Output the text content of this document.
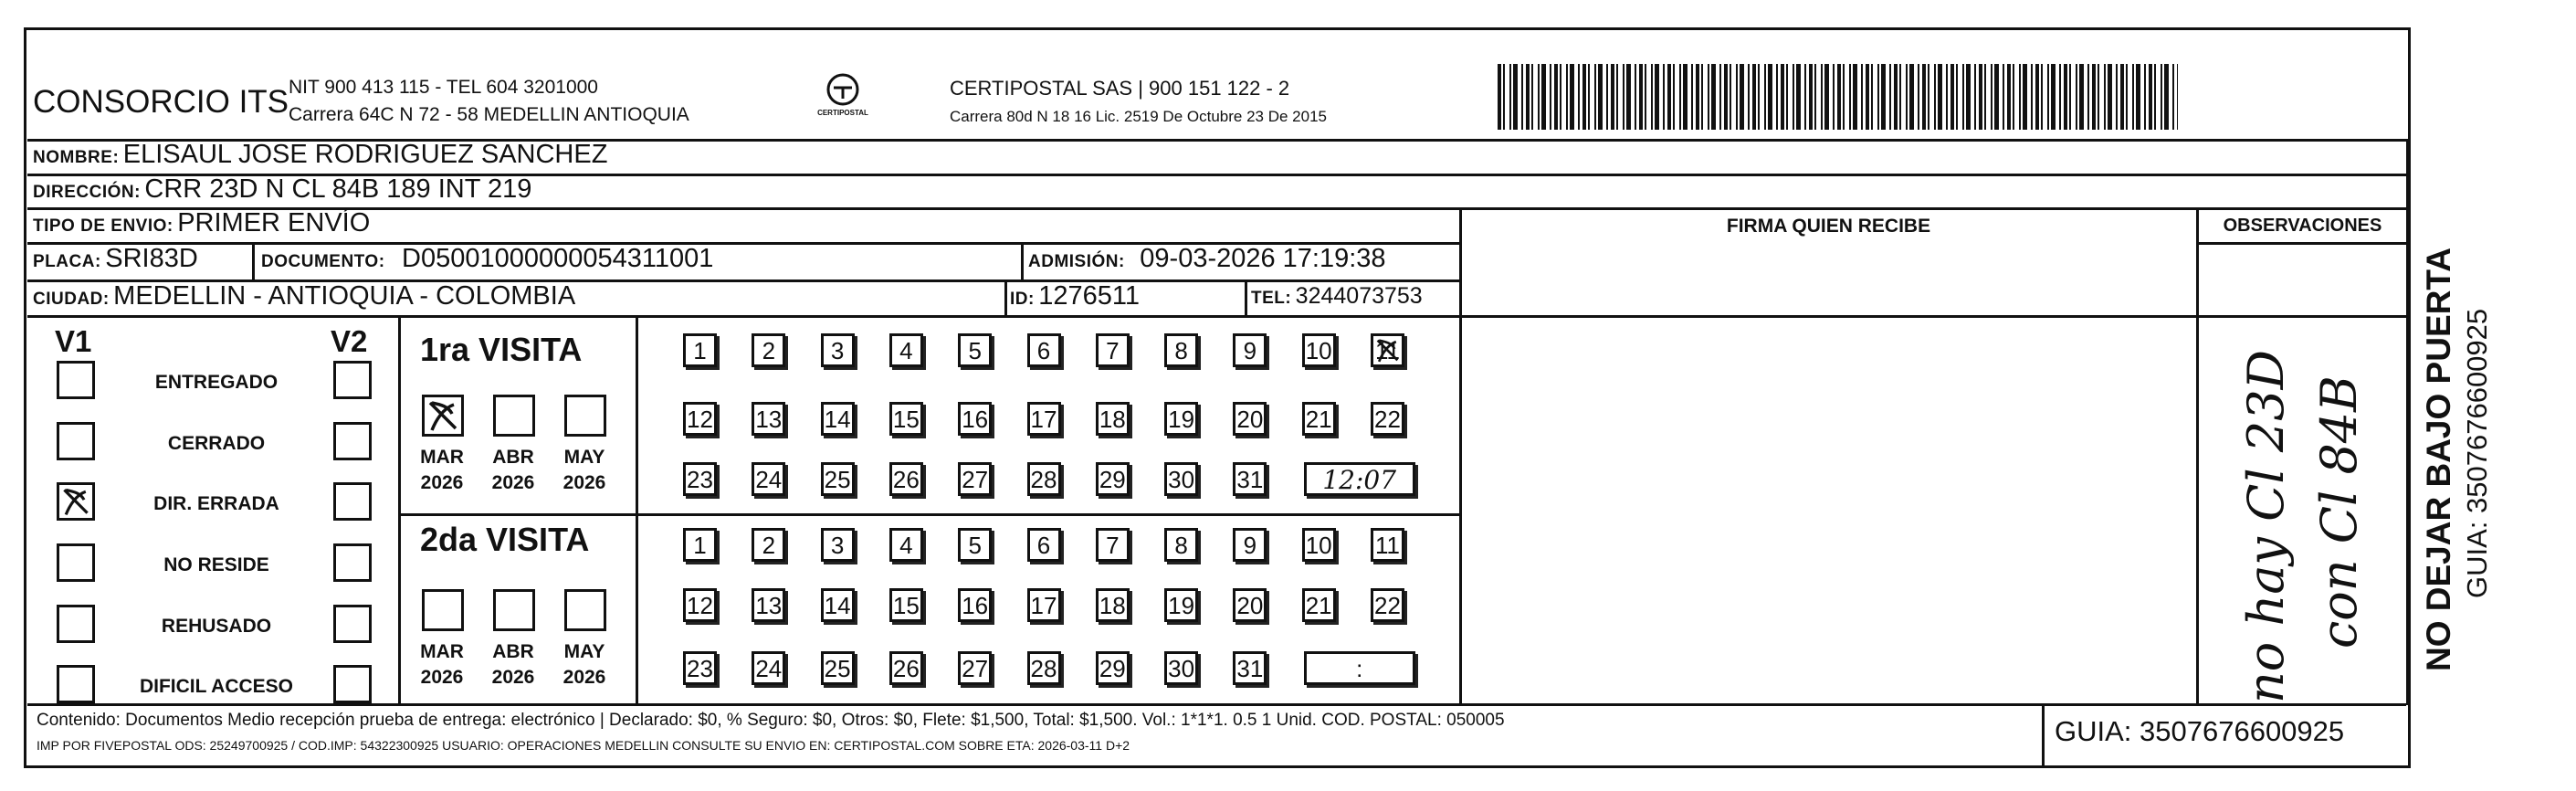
CONSORCIO ITS NIT 900 413 115 - TEL 604 3201000
Carrera 64C N 72 - 58 MEDELLIN ANTIOQUIA	CERTIPOSTAL
CERTIPOSTAL SAS | 900 151 122 - 2
Carrera 80d N 18 16 Lic. 2519 De Octubre 23 De 2015
NOMBRE: ELISAUL JOSE RODRIGUEZ SANCHEZ
DIRECCIÓN: CRR 23D N CL 84B 189 INT 219
TIPO DE ENVIO: PRIMER ENVÍO	FIRMA QUIEN RECIBE	OBSERVACIONES
PLACA: SRI83D	DOCUMENTO: D05001000000054311001	ADMISIÓN: 09-03-2026 17:19:38
CIUDAD: MEDELLIN - ANTIOQUIA - COLOMBIA	ID: 1276511	TEL: 3244073753
V1	V2
ENTREGADO
CERRADO
DIR. ERRADA
NO RESIDE
REHUSADO
DIFICIL ACCESO
1ra VISITA
MAR
2026
ABR
2026
MAY
2026
1	2	3	4	5	6	7	8	9	10 11
12 13 14 15 16 17 18 19 20 21 22
23 24 25 26 27 28 29 30 31	12:07
2da VISITA
MAR
2026
ABR
2026
MAY
2026
1	2	3	4	5	6	7	8	9	10 11
12 13 14 15 16 17 18 19 20 21 22
23 24 25 26 27 28 29 30 31	:	no hay Cl 23D con Cl 84B
Contenido: Documentos Medio recepción prueba de entrega: electrónico | Declarado: $0, % Seguro: $0, Otros: $0, Flete: $1,500, Total: $1,500. Vol.: 1*1*1. 0.5 1 Unid. COD. POSTAL: 050005
IMP POR FIVEPOSTAL ODS: 25249700925 / COD.IMP: 54322300925 USUARIO: OPERACIONES MEDELLIN CONSULTE SU ENVIO EN: CERTIPOSTAL.COM SOBRE ETA: 2026-03-11 D+2	GUIA: 3507676600925
NO DEJAR BAJO PUERTA GUIA: 3507676600925
